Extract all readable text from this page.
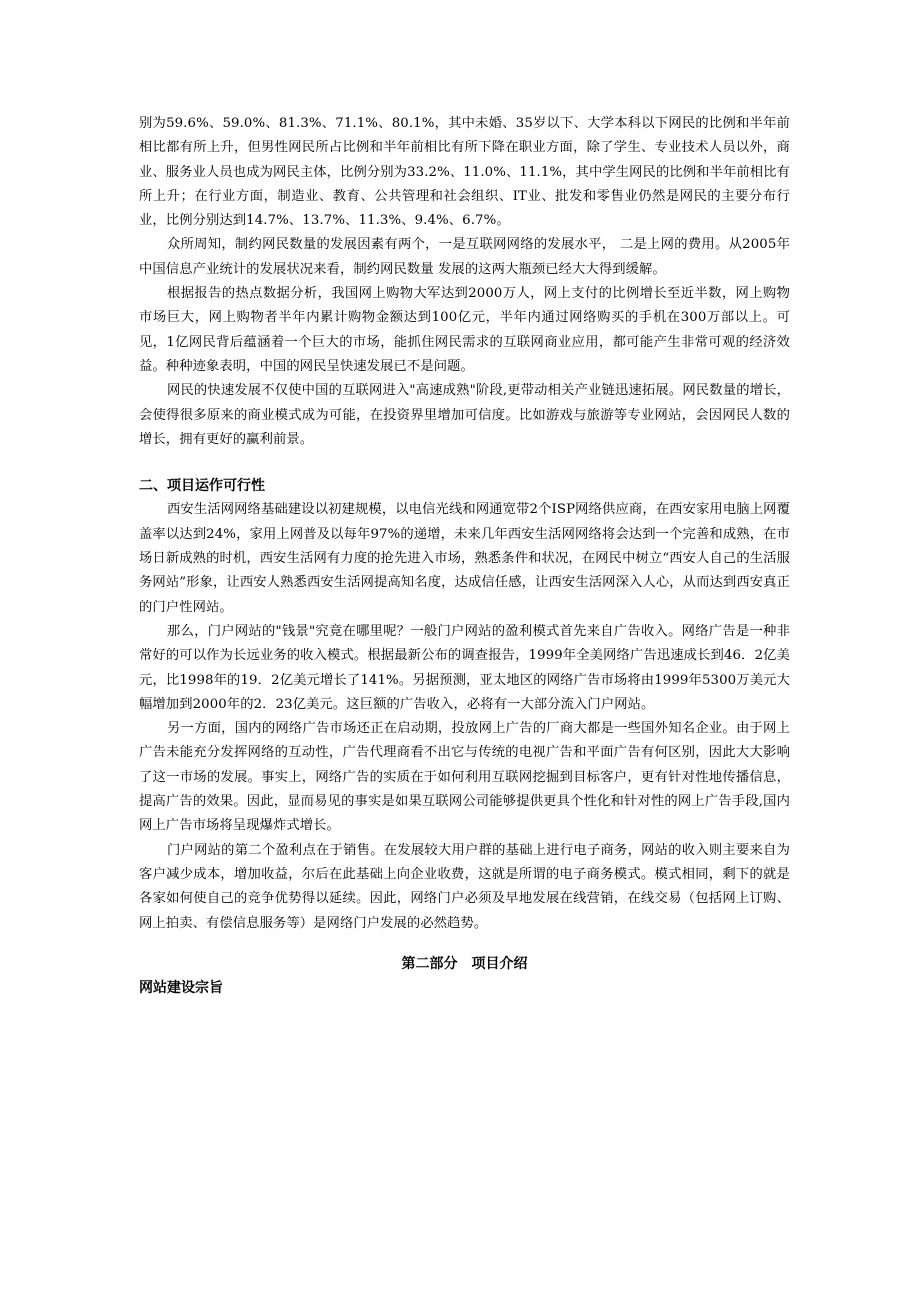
别为59.6%、59.0%、81.3%、71.1%、80.1%，其中未婚、35岁以下、大学本科以下网民的比例和半年前相比都有所上升，但男性网民所占比例和半年前相比有所下降在职业方面，除了学生、专业技术人员以外，商业、服务业人员也成为网民主体，比例分别为33.2%、11.0%、11.1%，其中学生网民的比例和半年前相比有所上升；在行业方面，制造业、教育、公共管理和社会组织、IT业、批发和零售业仍然是网民的主要分布行业，比例分别达到14.7%、13.7%、11.3%、9.4%、6.7%。

众所周知，制约网民数量的发展因素有两个，一是互联网网络的发展水平， 二是上网的费用。从2005年中国信息产业统计的发展状况来看，制约网民数量 发展的这两大瓶颈已经大大得到缓解。

根据报告的热点数据分析，我国网上购物大军达到2000万人，网上支付的比例增长至近半数，网上购物市场巨大，网上购物者半年内累计购物金额达到100亿元，半年内通过网络购买的手机在300万部以上。可见，1亿网民背后蕴涵着一个巨大的市场，能抓住网民需求的互联网商业应用，都可能产生非常可观的经济效益。种种迹象表明，中国的网民呈快速发展已不是问题。

网民的快速发展不仅使中国的互联网进入"高速成熟"阶段,更带动相关产业链迅速拓展。网民数量的增长，会使得很多原来的商业模式成为可能，在投资界里增加可信度。比如游戏与旅游等专业网站，会因网民人数的增长，拥有更好的赢利前景。

二、项目运作可行性

西安生活网网络基础建设以初建规模，以电信光线和网通宽带2个ISP网络供应商，在西安家用电脑上网覆盖率以达到24%，家用上网普及以每年97%的递增，未来几年西安生活网网络将会达到一个完善和成熟，在市场日新成熟的时机，西安生活网有力度的抢先进入市场，熟悉条件和状况，在网民中树立“西安人自己的生活服务网站”形象，让西安人熟悉西安生活网提高知名度，达成信任感，让西安生活网深入人心，从而达到西安真正的门户性网站。

那么，门户网站的"钱景"究竟在哪里呢？一般门户网站的盈利模式首先来自广告收入。网络广告是一种非常好的可以作为长远业务的收入模式。根据最新公布的调查报告，1999年全美网络广告迅速成长到46．2亿美元，比1998年的19．2亿美元增长了141%。另据预测，亚太地区的网络广告市场将由1999年5300万美元大幅增加到2000年的2．23亿美元。这巨额的广告收入，必将有一大部分流入门户网站。

另一方面，国内的网络广告市场还正在启动期，投放网上广告的厂商大都是一些国外知名企业。由于网上广告未能充分发挥网络的互动性，广告代理商看不出它与传统的电视广告和平面广告有何区别，因此大大影响了这一市场的发展。事实上，网络广告的实质在于如何利用互联网挖掘到目标客户，更有针对性地传播信息，提高广告的效果。因此，显而易见的事实是如果互联网公司能够提供更具个性化和针对性的网上广告手段,国内网上广告市场将呈现爆炸式增长。

门户网站的第二个盈利点在于销售。在发展较大用户群的基础上进行电子商务，网站的收入则主要来自为客户减少成本，增加收益，尔后在此基础上向企业收费，这就是所谓的电子商务模式。模式相同，剩下的就是各家如何使自己的竞争优势得以延续。因此，网络门户必须及早地发展在线营销，在线交易（包括网上订购、网上拍卖、有偿信息服务等）是网络门户发展的必然趋势。

第二部分　项目介绍

网站建设宗旨
